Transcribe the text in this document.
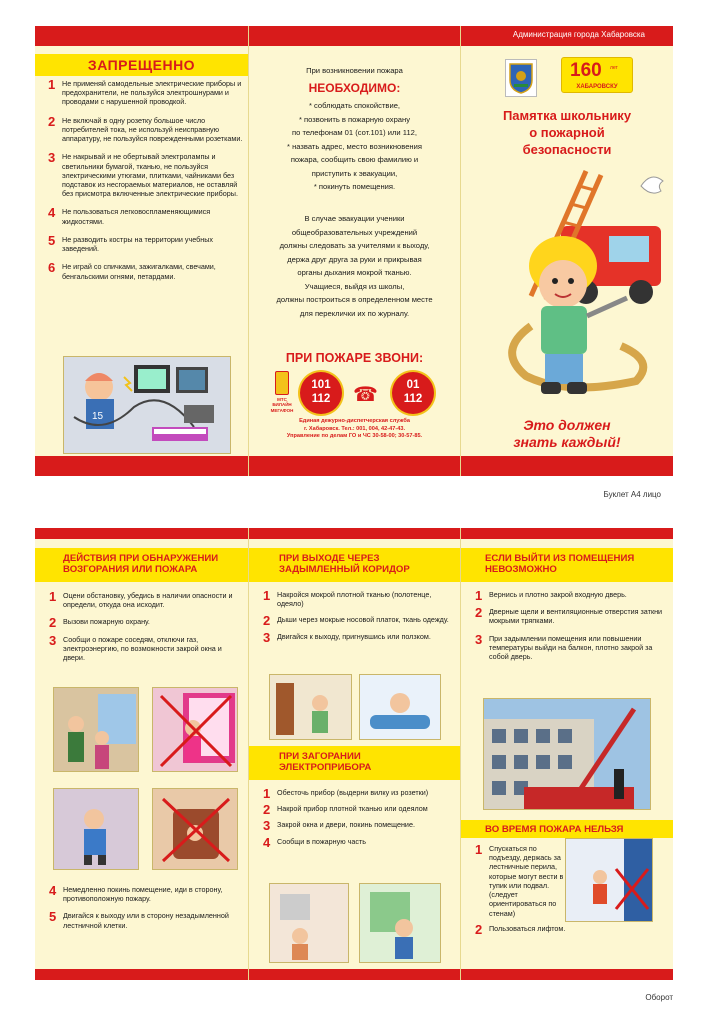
Администрация города Хабаровска
ЗАПРЕЩЕННО
1 Не применяй самодельные электрические приборы и предохранители, не пользуйся электрошнурами и проводами с нарушенной проводкой.
2 Не включай в одну розетку большое число потребителей тока, не используй неисправную аппаратуру, не пользуйся поврежденными розетками.
3 Не накрывай и не обертывай электролампы и светильники бумагой, тканью, не пользуйся электрическими утюгами, плитками, чайниками без подставок из несгораемых материалов, не оставляй без присмотра включенные электрические приборы.
4 Не пользоваться легковоспламеняющимися жидкостями.
5 Не разводить костры на территории учебных заведений.
6 Не играй со спичками, зажигалками, свечами, бенгальскими огнями, петардами.
15
При возникновении пожара
НЕОБХОДИМО:
* соблюдать спокойствие,
* позвонить в пожарную охрану
по телефонам 01 (сот.101) или 112,
* назвать адрес, место возникновения
пожара, сообщить свою фамилию и
приступить к эвакуации,
* покинуть помещения.
В случае эвакуации ученики
общеобразовательных учреждений
должны следовать за учителями к выходу,
держа друг друга за руки и прикрывая
органы дыхания мокрой тканью.
Учащиеся, выйдя из школы,
должны построиться в определенном месте
для переклички их по журналу.
ПРИ ПОЖАРЕ ЗВОНИ:
МТС БИЛАЙН МЕГАФОН
101
112 ☎ 01
112
Единая дежурно-диспетчерская служба
г. Хабаровск. Тел.: 001, 004, 42-47-43.
Управление по делам ГО и ЧС 30-58-00; 30-57-85.
160 лет
ХАБАРОВСКУ
Памятка школьнику
о пожарной
безопасности
Это должен
знать каждый!
Буклет А4 лицо
ДЕЙСТВИЯ ПРИ ОБНАРУЖЕНИИ
ВОЗГОРАНИЯ ИЛИ ПОЖАРА
1 Оцени обстановку, убедись в наличии опасности и определи, откуда она исходит.
2 Вызови пожарную охрану.
3 Сообщи о пожаре соседям, отключи газ, электроэнергию, по возможности закрой окна и двери.
4 Немедленно покинь помещение, иди в сторону, противоположную пожару.
5 Двигайся к выходу или в сторону незадымленной лестничной клетки.
ПРИ ВЫХОДЕ ЧЕРЕЗ
ЗАДЫМЛЕННЫЙ КОРИДОР
1 Накройся мокрой плотной тканью (полотенце, одеяло)
2 Дыши через мокрые носовой платок, ткань одежду.
3 Двигайся к выходу, пригнувшись или ползком.
ПРИ ЗАГОРАНИИ
ЭЛЕКТРОПРИБОРА
1 Обесточь прибор (выдерни вилку из розетки)
2 Накрой прибор плотной тканью или одеялом
3 Закрой окна и двери, покинь помещение.
4 Сообщи в пожарную часть
ЕСЛИ ВЫЙТИ ИЗ ПОМЕЩЕНИЯ
НЕВОЗМОЖНО
1 Вернись и плотно закрой входную дверь.
2 Дверные щели и вентиляционные отверстия заткни мокрыми тряпками.
3 При задымлении помещения или повышении температуры выйди на балкон, плотно закрой за собой дверь.
ВО ВРЕМЯ ПОЖАРА НЕЛЬЗЯ
1 Спускаться по подъезду, держась за лестничные перила, которые могут вести в тупик или подвал. (следует ориентироваться по стенам)
2 Пользоваться лифтом.
Оборот
